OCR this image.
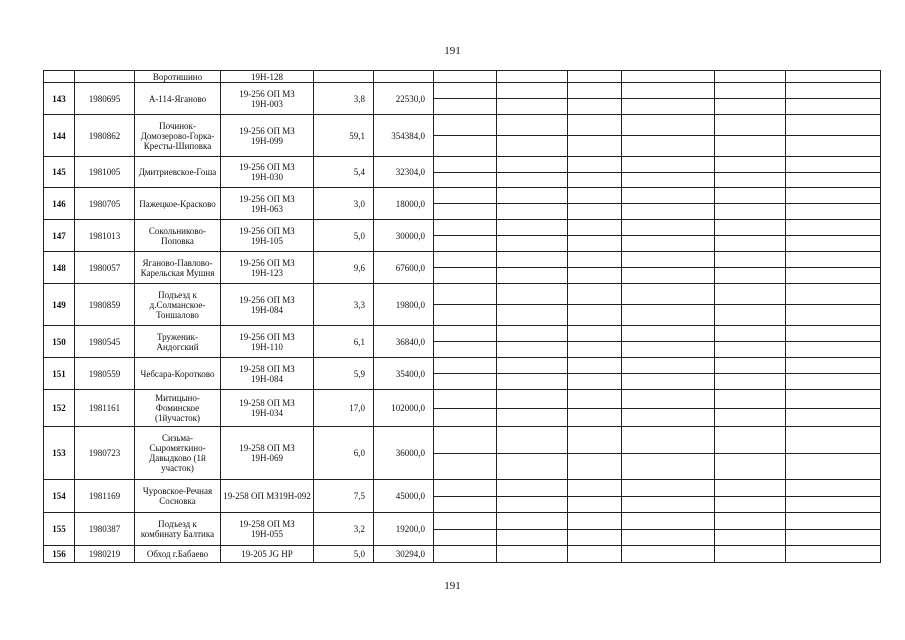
191
		Воротишино	19Н-128								
143	1980695	А-114-Яганово	19-256 ОП МЗ 19Н-003	3,8	22530,0	

144	1980862	Починок-Домозерово-Горка-Кресты-Шиповка	19-256 ОП МЗ 19Н-099	59,1	354384,0	

145	1981005	Дмитриевское-Гоша	19-256 ОП МЗ 19Н-030	5,4	32304,0	

146	1980705	Пажецкое-Красково	19-256 ОП МЗ 19Н-063	3,0	18000,0	

147	1981013	Сокольниково-Поповка	19-256 ОП МЗ 19Н-105	5,0	30000,0	

148	1980057	Яганово-Павлово-Карельская Мушня	19-256 ОП МЗ 19Н-123	9,6	67600,0	

149	1980859	Подъезд к д.Солманское-Тоншалово	19-256 ОП МЗ 19Н-084	3,3	19800,0	

150	1980545	Труженик-Андогский	19-256 ОП МЗ 19Н-110	6,1	36840,0	

151	1980559	Чебсара-Коротково	19-258 ОП МЗ 19Н-084	5,9	35400,0	

152	1981161	Митицыно-Фоминское (1йучасток)	19-258 ОП МЗ 19Н-034	17,0	102000,0	

153	1980723	Сизьма-Сыромяткино-Давыдково (1й участок)	19-258 ОП МЗ 19Н-069	6,0	36000,0	

154	1981169	Чуровское-Речная Сосновка	19-258 ОП МЗ19Н-092	7,5	45000,0	

155	1980387	Подъезд к комбинату Балтика	19-258 ОП МЗ 19Н-055	3,2	19200,0	

156	1980219	Обход г.Бабаево	19-205 JG НР	5,0	30294,0						
191
